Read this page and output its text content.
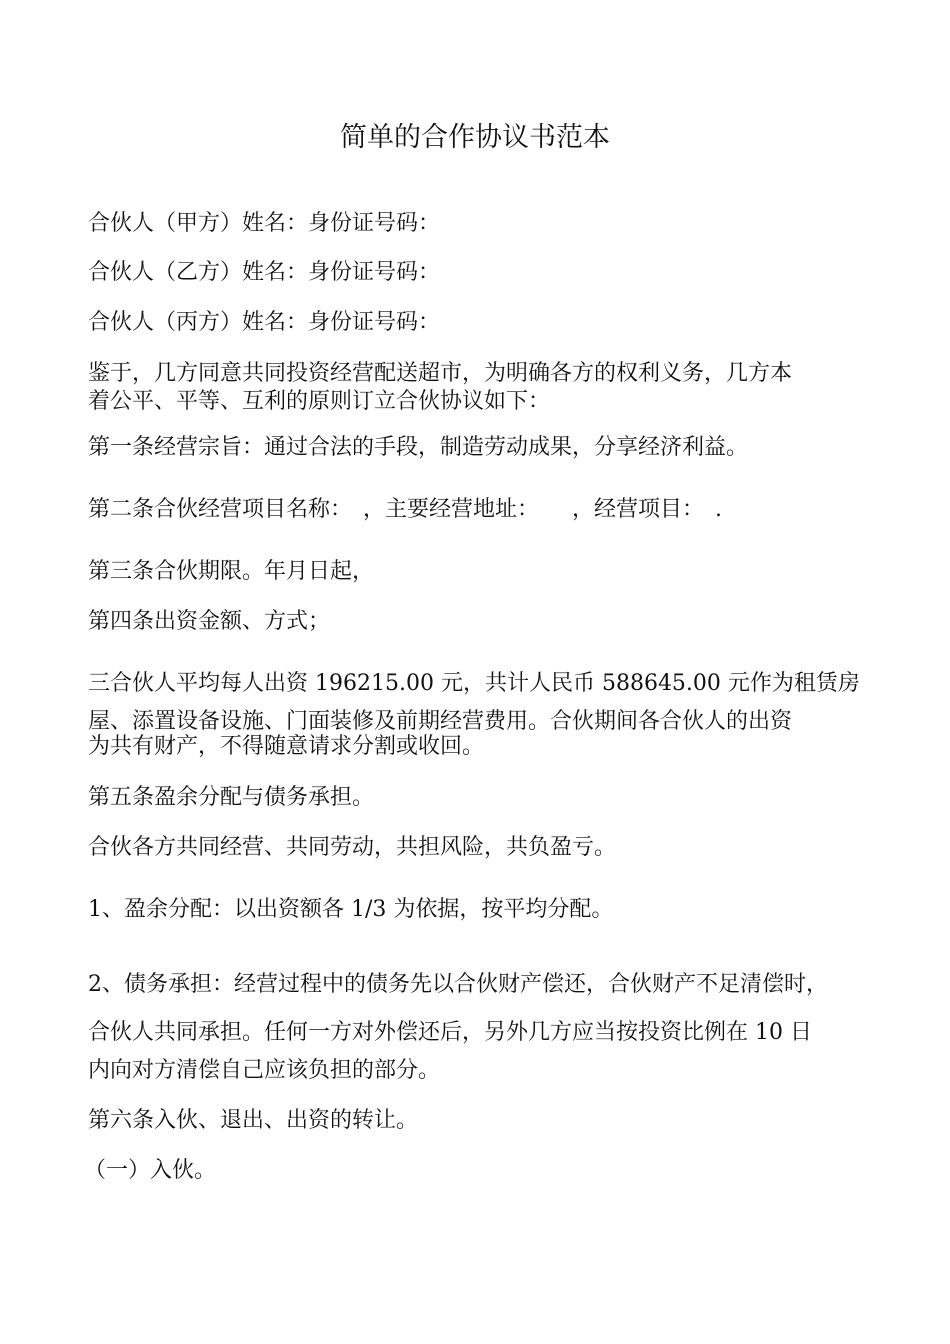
简单的合作协议书范本
合伙人（甲方）姓名：身份证号码：
合伙人（乙方）姓名：身份证号码：
合伙人（丙方）姓名：身份证号码：
鉴于，几方同意共同投资经营配送超市，为明确各方的权利义务，几方本
着公平、平等、互利的原则订立合伙协议如下：
第一条经营宗旨：通过合法的手段，制造劳动成果，分享经济利益。
第二条合伙经营项目名称：　，主要经营地址：　　，经营项目：　.
第三条合伙期限。年月日起，
第四条出资金额、方式；
三合伙人平均每人出资 196215.00 元，共计人民币 588645.00 元作为租赁房
屋、添置设备设施、门面装修及前期经营费用。合伙期间各合伙人的出资
为共有财产，不得随意请求分割或收回。
第五条盈余分配与债务承担。
合伙各方共同经营、共同劳动，共担风险，共负盈亏。
1、盈余分配：以出资额各 1/3 为依据，按平均分配。
2、债务承担：经营过程中的债务先以合伙财产偿还，合伙财产不足清偿时，
合伙人共同承担。任何一方对外偿还后，另外几方应当按投资比例在 10 日
内向对方清偿自己应该负担的部分。
第六条入伙、退出、出资的转让。
（一）入伙。
